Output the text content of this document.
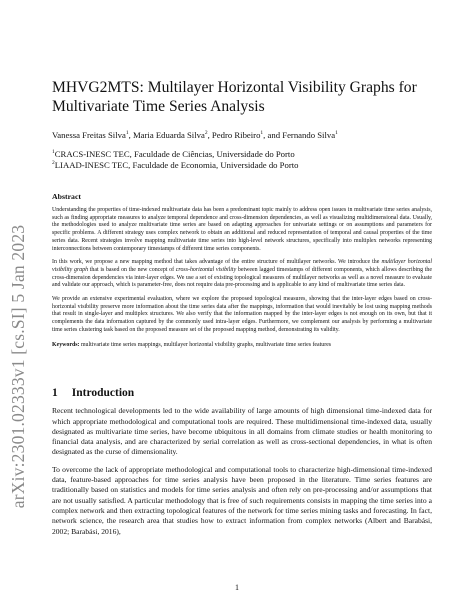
arXiv:2301.02333v1 [cs.SI] 5 Jan 2023
MHVG2MTS: Multilayer Horizontal Visibility Graphs for
Multivariate Time Series Analysis
Vanessa Freitas Silva$^1$, Maria Eduarda Silva$^2$, Pedro Ribeiro$^1$, and Fernando Silva$^1$
$^1$CRACS-INESC TEC, Faculdade de Ciências, Universidade do Porto
$^2$LIAAD-INESC TEC, Faculdade de Economia, Universidade do Porto
Abstract

Understanding the properties of time-indexed multivariate data has been a predominant topic mainly to address open issues in multivariate time series analysis, such as finding appropriate measures to analyze temporal dependence and cross-dimension dependencies, as well as visualizing multidimensional data. Usually, the methodologies used to analyze multivariate time series are based on adapting approaches for univariate settings or on assumptions and parameters for specific problems. A different strategy uses complex network to obtain an additional and reduced representation of temporal and causal properties of the time series data. Recent strategies involve mapping multivariate time series into high-level network structures, specifically into multiplex networks representing interconnections between contemporary timestamps of different time series components.

In this work, we propose a new mapping method that takes advantage of the entire structure of multilayer networks. We introduce the multilayer horizontal visibility graph that is based on the new concept of cross-horizontal visibility between lagged timestamps of different components, which allows describing the cross-dimension dependencies via inter-layer edges. We use a set of existing topological measures of multilayer networks as well as a novel measure to evaluate and validate our approach, which is parameter-free, does not require data pre-processing and is applicable to any kind of multivariate time series data.

We provide an extensive experimental evaluation, where we explore the proposed topological measures, showing that the inter-layer edges based on cross-horizontal visibility preserve more information about the time series data after the mappings, information that would inevitably be lost using mapping methods that result in single-layer and multiplex structures. We also verify that the information mapped by the inter-layer edges is not enough on its own, but that it complements the data information captured by the commonly used intra-layer edges. Furthermore, we complement our analysis by performing a multivariate time series clustering task based on the proposed measure set of the proposed mapping method, demonstrating its validity.

Keywords: multivariate time series mappings, multilayer horizontal visibility graphs, multivariate time series features
1 Introduction

Recent technological developments led to the wide availability of large amounts of high dimensional time-indexed data for which appropriate methodological and computational tools are required. These multidimensional time-indexed data, usually designated as multivariate time series, have become ubiquitous in all domains from climate studies or health monitoring to financial data analysis, and are characterized by serial correlation as well as cross-sectional dependencies, in what is often designated as the curse of dimensionality.

To overcome the lack of appropriate methodological and computational tools to characterize high-dimensional time-indexed data, feature-based approaches for time series analysis have been proposed in the literature. Time series features are traditionally based on statistics and models for time series analysis and often rely on pre-processing and/or assumptions that are not usually satisfied. A particular methodology that is free of such requirements consists in mapping the time series into a complex network and then extracting topological features of the network for time series mining tasks and forecasting. In fact, network science, the research area that studies how to extract information from complex networks (Albert and Barabási, 2002; Barabási, 2016),

1
